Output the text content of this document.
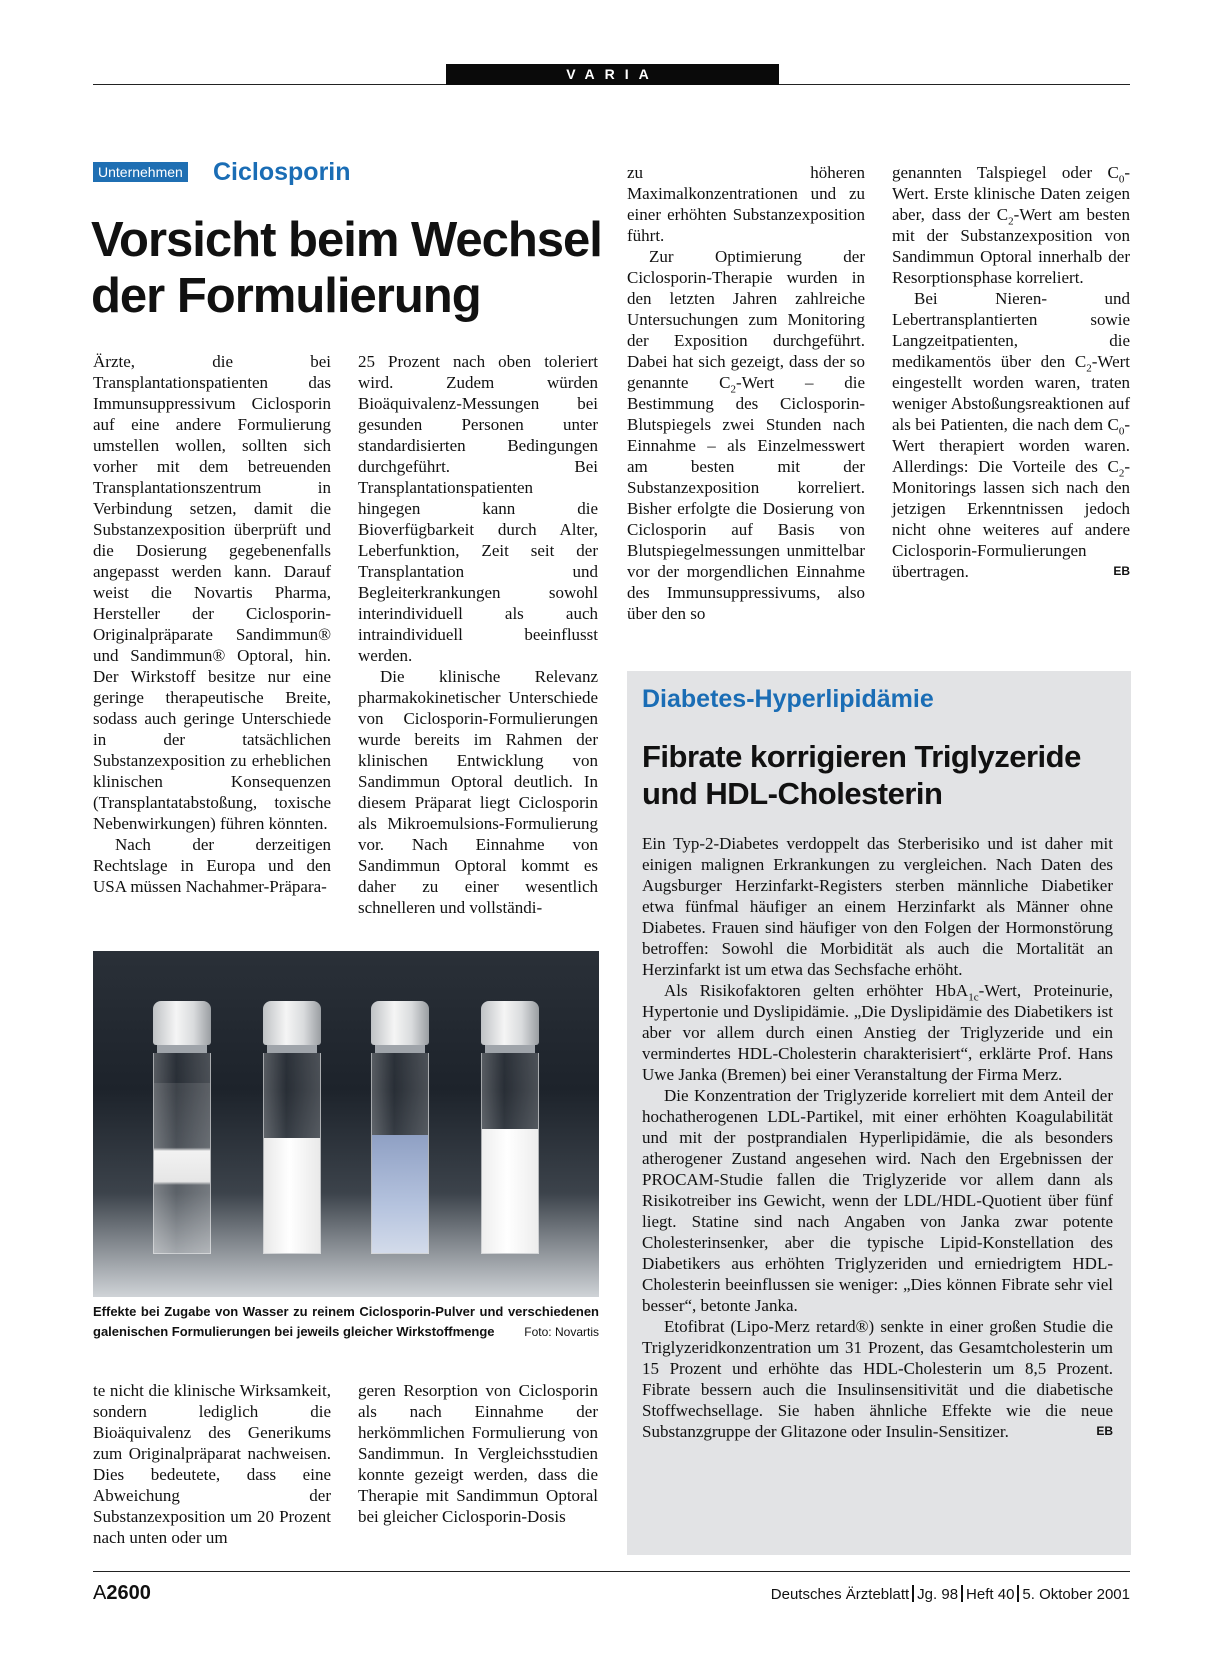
VARIA
Unternehmen Ciclosporin
Vorsicht beim Wechsel
der Formulierung

Ärzte, die bei Transplantationspatienten das Immunsuppressivum Ciclosporin auf eine andere Formulierung umstellen wollen, sollten sich vorher mit dem betreuenden Transplantationszentrum in Verbindung setzen, damit die Substanzexposition überprüft und die Dosierung gegebenenfalls angepasst werden kann. Darauf weist die Novartis Pharma, Hersteller der Ciclosporin-Originalpräparate Sandimmun® und Sandimmun® Optoral, hin. Der Wirkstoff besitze nur eine geringe therapeutische Breite, sodass auch geringe Unterschiede in der tatsächlichen Substanzexposition zu erheblichen klinischen Konsequenzen (Transplantatabstoßung, toxische Nebenwirkungen) führen könnten.

Nach der derzeitigen Rechtslage in Europa und den USA müssen Nachahmer-Präpara-

25 Prozent nach oben toleriert wird. Zudem würden Bioäquivalenz-Messungen bei gesunden Personen unter standardisierten Bedingungen durchgeführt. Bei Transplantationspatienten hingegen kann die Bioverfügbarkeit durch Alter, Leberfunktion, Zeit seit der Transplantation und Begleiterkrankungen sowohl interindividuell als auch intraindividuell beeinflusst werden.

Die klinische Relevanz pharmakokinetischer Unterschiede von Ciclosporin-Formulierungen wurde bereits im Rahmen der klinischen Entwicklung von Sandimmun Optoral deutlich. In diesem Präparat liegt Ciclosporin als Mikroemulsions-Formulierung vor. Nach Einnahme von Sandimmun Optoral kommt es daher zu einer wesentlich schnelleren und vollständi-

zu höheren Maximalkonzentrationen und zu einer erhöhten Substanzexposition führt.

Zur Optimierung der Ciclosporin-Therapie wurden in den letzten Jahren zahlreiche Untersuchungen zum Monitoring der Exposition durchgeführt. Dabei hat sich gezeigt, dass der so genannte $C_2$-Wert – die Bestimmung des Ciclosporin-Blutspiegels zwei Stunden nach Einnahme – als Einzelmesswert am besten mit der Substanzexposition korreliert. Bisher erfolgte die Dosierung von Ciclosporin auf Basis von Blutspiegelmessungen unmittelbar vor der morgendlichen Einnahme des Immunsuppressivums, also über den so

genannten Talspiegel oder $C_0$-Wert. Erste klinische Daten zeigen aber, dass der $C_2$-Wert am besten mit der Substanzexposition von Sandimmun Optoral innerhalb der Resorptionsphase korreliert.

Bei Nieren- und Lebertransplantierten sowie Langzeitpatienten, die medikamentös über den $C_2$-Wert eingestellt worden waren, traten weniger Abstoßungsreaktionen auf als bei Patienten, die nach dem $C_0$-Wert therapiert worden waren. Allerdings: Die Vorteile des $C_2$-Monitorings lassen sich nach den jetzigen Erkenntnissen jedoch nicht ohne weiteres auf andere Ciclosporin-Formulierungen übertragen.	EB

Effekte bei Zugabe von Wasser zu reinem Ciclosporin-Pulver und verschiedenen galenischen Formulierungen bei jeweils gleicher Wirkstoffmenge Foto: Novartis

te nicht die klinische Wirksamkeit, sondern lediglich die Bioäquivalenz des Generikums zum Originalpräparat nachweisen. Dies bedeutete, dass eine Abweichung der Substanzexposition um 20 Prozent nach unten oder um

geren Resorption von Ciclosporin als nach Einnahme der herkömmlichen Formulierung von Sandimmun. In Vergleichsstudien konnte gezeigt werden, dass die Therapie mit Sandimmun Optoral bei gleicher Ciclosporin-Dosis

Diabetes-Hyperlipidämie
Fibrate korrigieren Triglyzeride
und HDL-Cholesterin

Ein Typ-2-Diabetes verdoppelt das Sterberisiko und ist daher mit einigen malignen Erkrankungen zu vergleichen. Nach Daten des Augsburger Herzinfarkt-Registers sterben männliche Diabetiker etwa fünfmal häufiger an einem Herzinfarkt als Männer ohne Diabetes. Frauen sind häufiger von den Folgen der Hormonstörung betroffen: Sowohl die Morbidität als auch die Mortalität an Herzinfarkt ist um etwa das Sechsfache erhöht.

Als Risikofaktoren gelten erhöhter HbA$_{1c}$-Wert, Proteinurie, Hypertonie und Dyslipidämie. „Die Dyslipidämie des Diabetikers ist aber vor allem durch einen Anstieg der Triglyzeride und ein vermindertes HDL-Cholesterin charakterisiert“, erklärte Prof. Hans Uwe Janka (Bremen) bei einer Veranstaltung der Firma Merz.

Die Konzentration der Triglyzeride korreliert mit dem Anteil der hochatherogenen LDL-Partikel, mit einer erhöhten Koagulabilität und mit der postprandialen Hyperlipidämie, die als besonders atherogener Zustand angesehen wird. Nach den Ergebnissen der PROCAM-Studie fallen die Triglyzeride vor allem dann als Risikotreiber ins Gewicht, wenn der LDL/HDL-Quotient über fünf liegt. Statine sind nach Angaben von Janka zwar potente Cholesterinsenker, aber die typische Lipid-Konstellation des Diabetikers aus erhöhten Triglyzeriden und erniedrigtem HDL-Cholesterin beeinflussen sie weniger: „Dies können Fibrate sehr viel besser“, betonte Janka.

Etofibrat (Lipo-Merz retard®) senkte in einer großen Studie die Triglyzeridkonzentration um 31 Prozent, das Gesamtcholesterin um 15 Prozent und erhöhte das HDL-Cholesterin um 8,5 Prozent. Fibrate bessern auch die Insulinsensitivität und die diabetische Stoffwechsellage. Sie haben ähnliche Effekte wie die neue Substanzgruppe der Glitazone oder Insulin-Sensitizer.	EB

A2600	Deutsches Ärzteblatt Jg. 98 Heft 40 5. Oktober 2001
